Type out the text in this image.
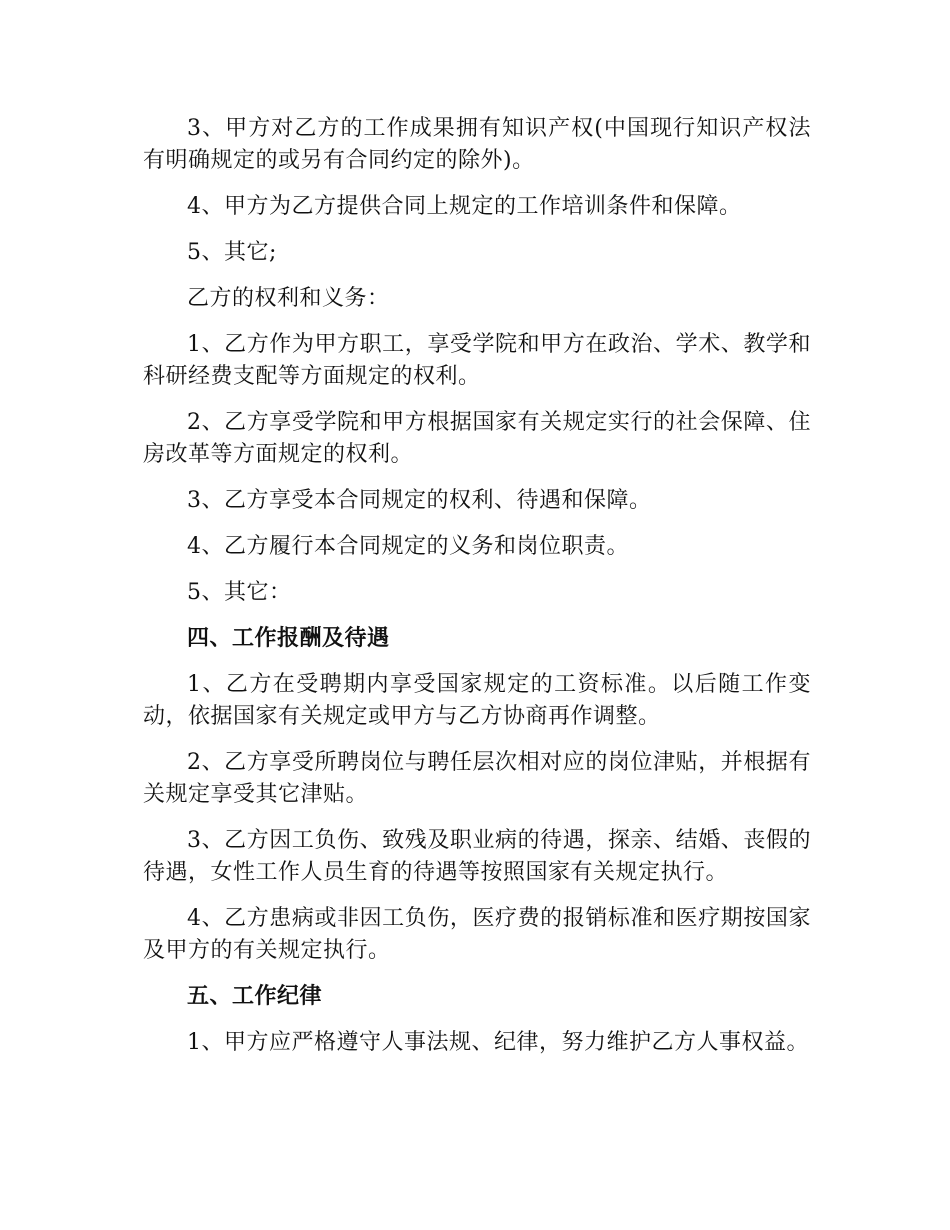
3、甲方对乙方的工作成果拥有知识产权(中国现行知识产权法有明确规定的或另有合同约定的除外)。

4、甲方为乙方提供合同上规定的工作培训条件和保障。

5、其它;

乙方的权利和义务：

1、乙方作为甲方职工，享受学院和甲方在政治、学术、教学和科研经费支配等方面规定的权利。

2、乙方享受学院和甲方根据国家有关规定实行的社会保障、住房改革等方面规定的权利。

3、乙方享受本合同规定的权利、待遇和保障。

4、乙方履行本合同规定的义务和岗位职责。

5、其它：

四、工作报酬及待遇

1、乙方在受聘期内享受国家规定的工资标准。以后随工作变动，依据国家有关规定或甲方与乙方协商再作调整。

2、乙方享受所聘岗位与聘任层次相对应的岗位津贴，并根据有关规定享受其它津贴。

3、乙方因工负伤、致残及职业病的待遇，探亲、结婚、丧假的待遇，女性工作人员生育的待遇等按照国家有关规定执行。

4、乙方患病或非因工负伤，医疗费的报销标准和医疗期按国家及甲方的有关规定执行。

五、工作纪律

1、甲方应严格遵守人事法规、纪律，努力维护乙方人事权益。
